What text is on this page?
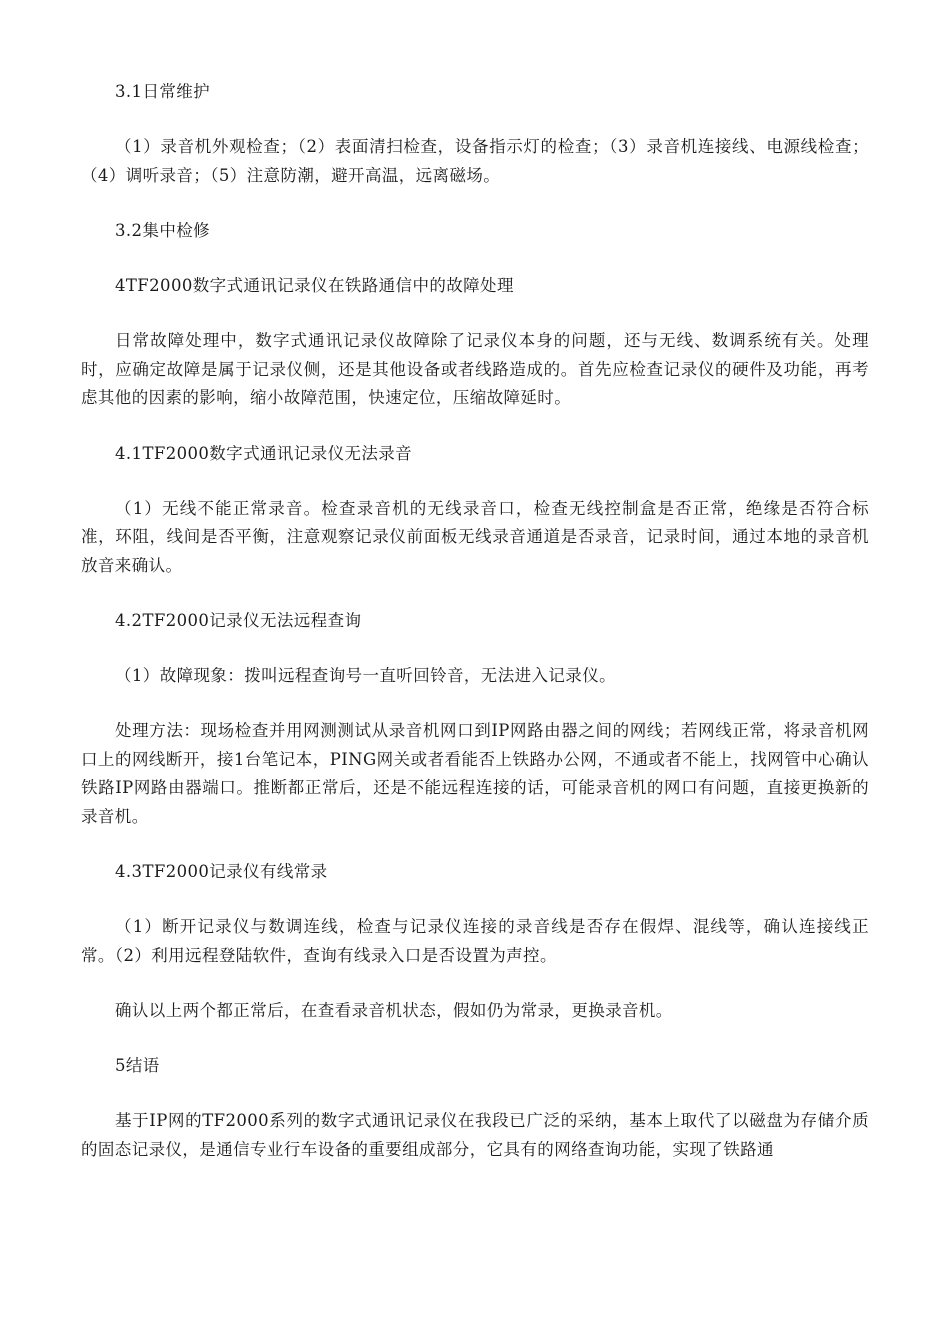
3.1日常维护

（1）录音机外观检查；（2）表面清扫检查，设备指示灯的检查；（3）录音机连接线、电源线检查；（4）调听录音；（5）注意防潮，避开高温，远离磁场。

3.2集中检修

4TF2000数字式通讯记录仪在铁路通信中的故障处理

日常故障处理中，数字式通讯记录仪故障除了记录仪本身的问题，还与无线、数调系统有关。处理时，应确定故障是属于记录仪侧，还是其他设备或者线路造成的。首先应检查记录仪的硬件及功能，再考虑其他的因素的影响，缩小故障范围，快速定位，压缩故障延时。

4.1TF2000数字式通讯记录仪无法录音

（1）无线不能正常录音。检查录音机的无线录音口，检查无线控制盒是否正常，绝缘是否符合标准，环阻，线间是否平衡，注意观察记录仪前面板无线录音通道是否录音，记录时间，通过本地的录音机放音来确认。

4.2TF2000记录仪无法远程查询

（1）故障现象：拨叫远程查询号一直听回铃音，无法进入记录仪。

处理方法：现场检查并用网测测试从录音机网口到IP网路由器之间的网线；若网线正常，将录音机网口上的网线断开，接1台笔记本，PING网关或者看能否上铁路办公网，不通或者不能上，找网管中心确认铁路IP网路由器端口。推断都正常后，还是不能远程连接的话，可能录音机的网口有问题，直接更换新的录音机。

4.3TF2000记录仪有线常录

（1）断开记录仪与数调连线，检查与记录仪连接的录音线是否存在假焊、混线等，确认连接线正常。（2）利用远程登陆软件，查询有线录入口是否设置为声控。

确认以上两个都正常后，在查看录音机状态，假如仍为常录，更换录音机。

5结语

基于IP网的TF2000系列的数字式通讯记录仪在我段已广泛的采纳，基本上取代了以磁盘为存储介质的固态记录仪，是通信专业行车设备的重要组成部分，它具有的网络查询功能，实现了铁路通
